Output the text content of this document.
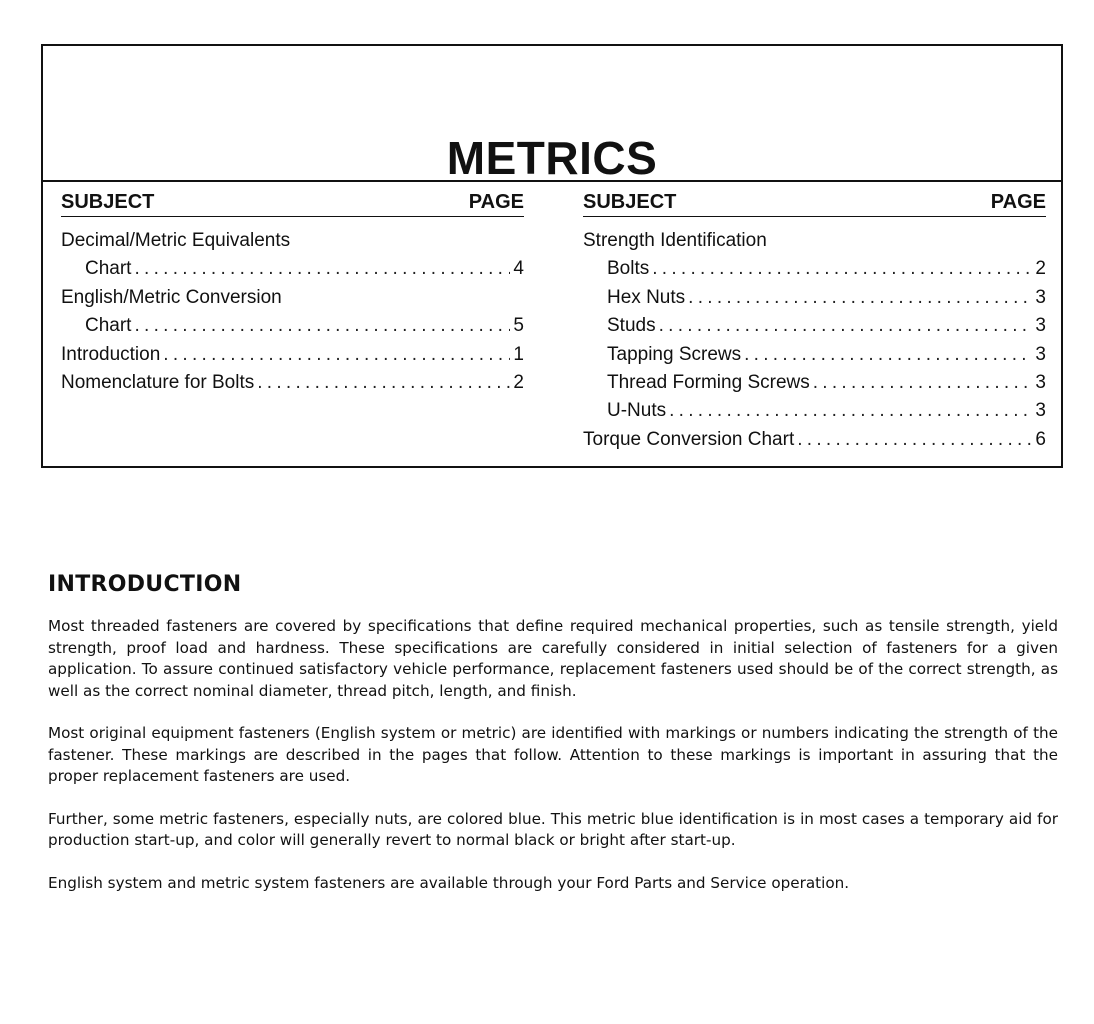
METRICS
SUBJECT	PAGE
Decimal/Metric Equivalents
Chart . . .	4
English/Metric Conversion
Chart . . .	5
Introduction . . .	1
Nomenclature for Bolts . . .	2
SUBJECT	PAGE
Strength Identification
Bolts . . .	2
Hex Nuts . . .	3
Studs . . .	3
Tapping Screws . . .	3
Thread Forming Screws . . .	3
U-Nuts . . .	3
Torque Conversion Chart . . .	6
INTRODUCTION

Most threaded fasteners are covered by specifications that define required mechanical properties, such as tensile strength, yield strength, proof load and hardness. These specifications are carefully considered in initial selection of fasteners for a given application. To assure continued satisfactory vehicle performance, replacement fasteners used should be of the correct strength, as well as the correct nominal diameter, thread pitch, length, and finish.

Most original equipment fasteners (English system or metric) are identified with markings or numbers indicating the strength of the fastener. These markings are described in the pages that follow. Attention to these markings is important in assuring that the proper replacement fasteners are used.

Further, some metric fasteners, especially nuts, are colored blue. This metric blue identification is in most cases a temporary aid for production start-up, and color will generally revert to normal black or bright after start-up.

English system and metric system fasteners are available through your Ford Parts and Service operation.
